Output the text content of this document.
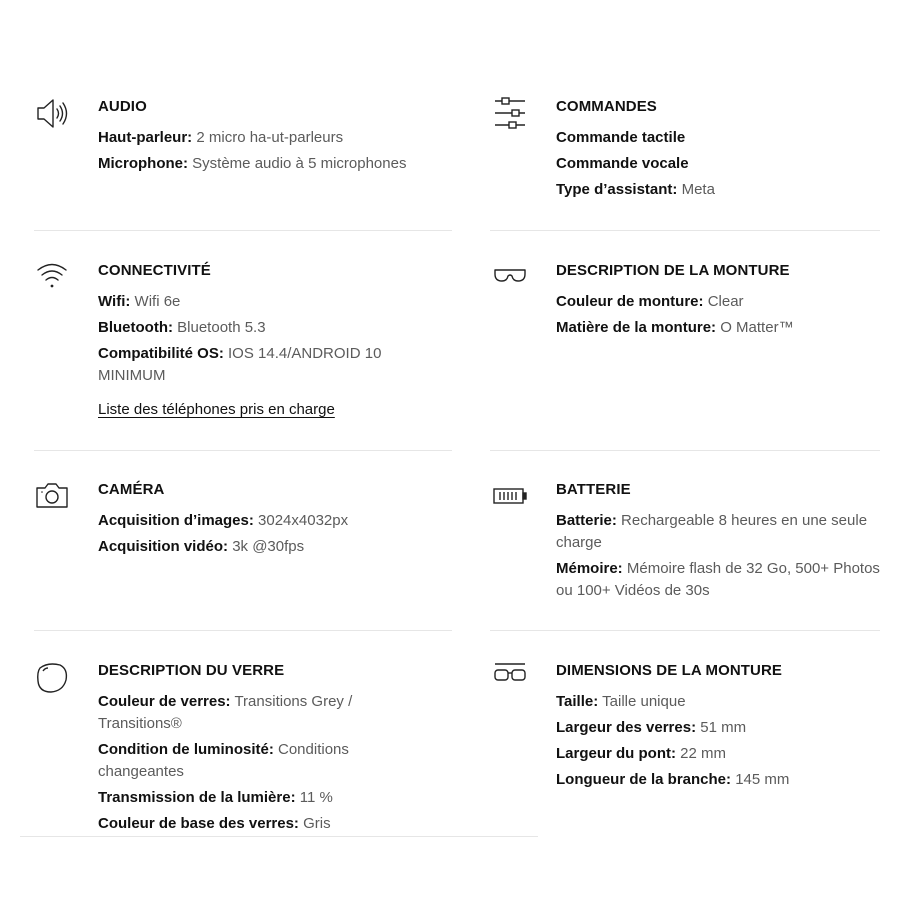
AUDIO
Haut-parleur: 2 micro ha-ut-parleurs
Microphone: Système audio à 5 microphones
COMMANDES
Commande tactile
Commande vocale
Type d’assistant: Meta
CONNECTIVITÉ
Wifi: Wifi 6e
Bluetooth: Bluetooth 5.3
Compatibilité OS: IOS 14.4/ANDROID 10 MINIMUM
Liste des téléphones pris en charge
DESCRIPTION DE LA MONTURE
Couleur de monture: Clear
Matière de la monture: O Matter™
CAMÉRA
Acquisition d’images: 3024x4032px
Acquisition vidéo: 3k @30fps
BATTERIE
Batterie: Rechargeable 8 heures en une seule charge
Mémoire: Mémoire flash de 32 Go, 500+ Photos ou 100+ Vidéos de 30s
DESCRIPTION DU VERRE
Couleur de verres: Transitions Grey / Transitions®
Condition de luminosité: Conditions changeantes
Transmission de la lumière: 11 %
Couleur de base des verres: Gris
DIMENSIONS DE LA MONTURE
Taille: Taille unique
Largeur des verres: 51 mm
Largeur du pont: 22 mm
Longueur de la branche: 145 mm
